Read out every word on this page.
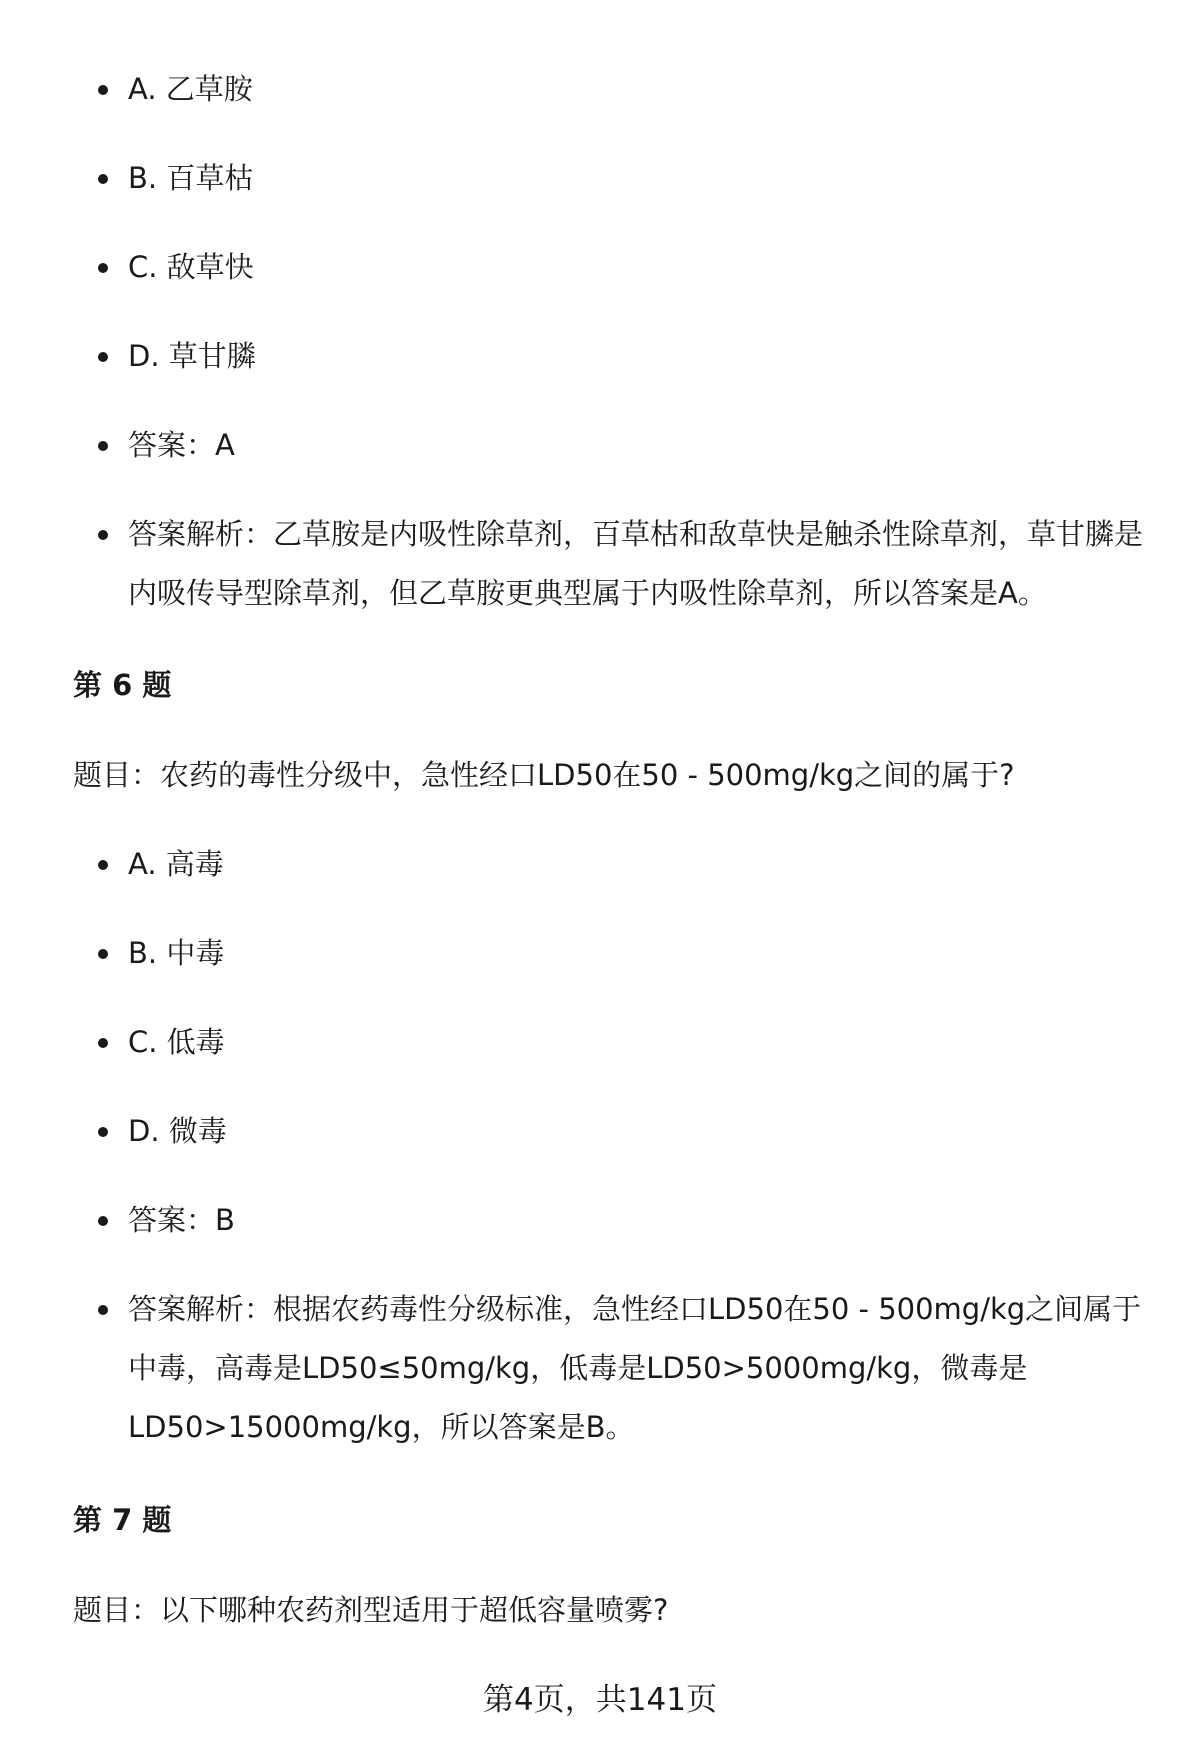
A. 乙草胺
B. 百草枯
C. 敌草快
D. 草甘膦
答案：A
答案解析：乙草胺是内吸性除草剂，百草枯和敌草快是触杀性除草剂，草甘膦是内吸传导型除草剂，但乙草胺更典型属于内吸性除草剂，所以答案是A。
第 6 题
题目：农药的毒性分级中，急性经口LD50在50 - 500mg/kg之间的属于?
A. 高毒
B. 中毒
C. 低毒
D. 微毒
答案：B
答案解析：根据农药毒性分级标准，急性经口LD50在50 - 500mg/kg之间属于中毒，高毒是LD50≤50mg/kg，低毒是LD50>5000mg/kg，微毒是LD50>15000mg/kg，所以答案是B。
第 7 题
题目：以下哪种农药剂型适用于超低容量喷雾?
第4页，共141页
